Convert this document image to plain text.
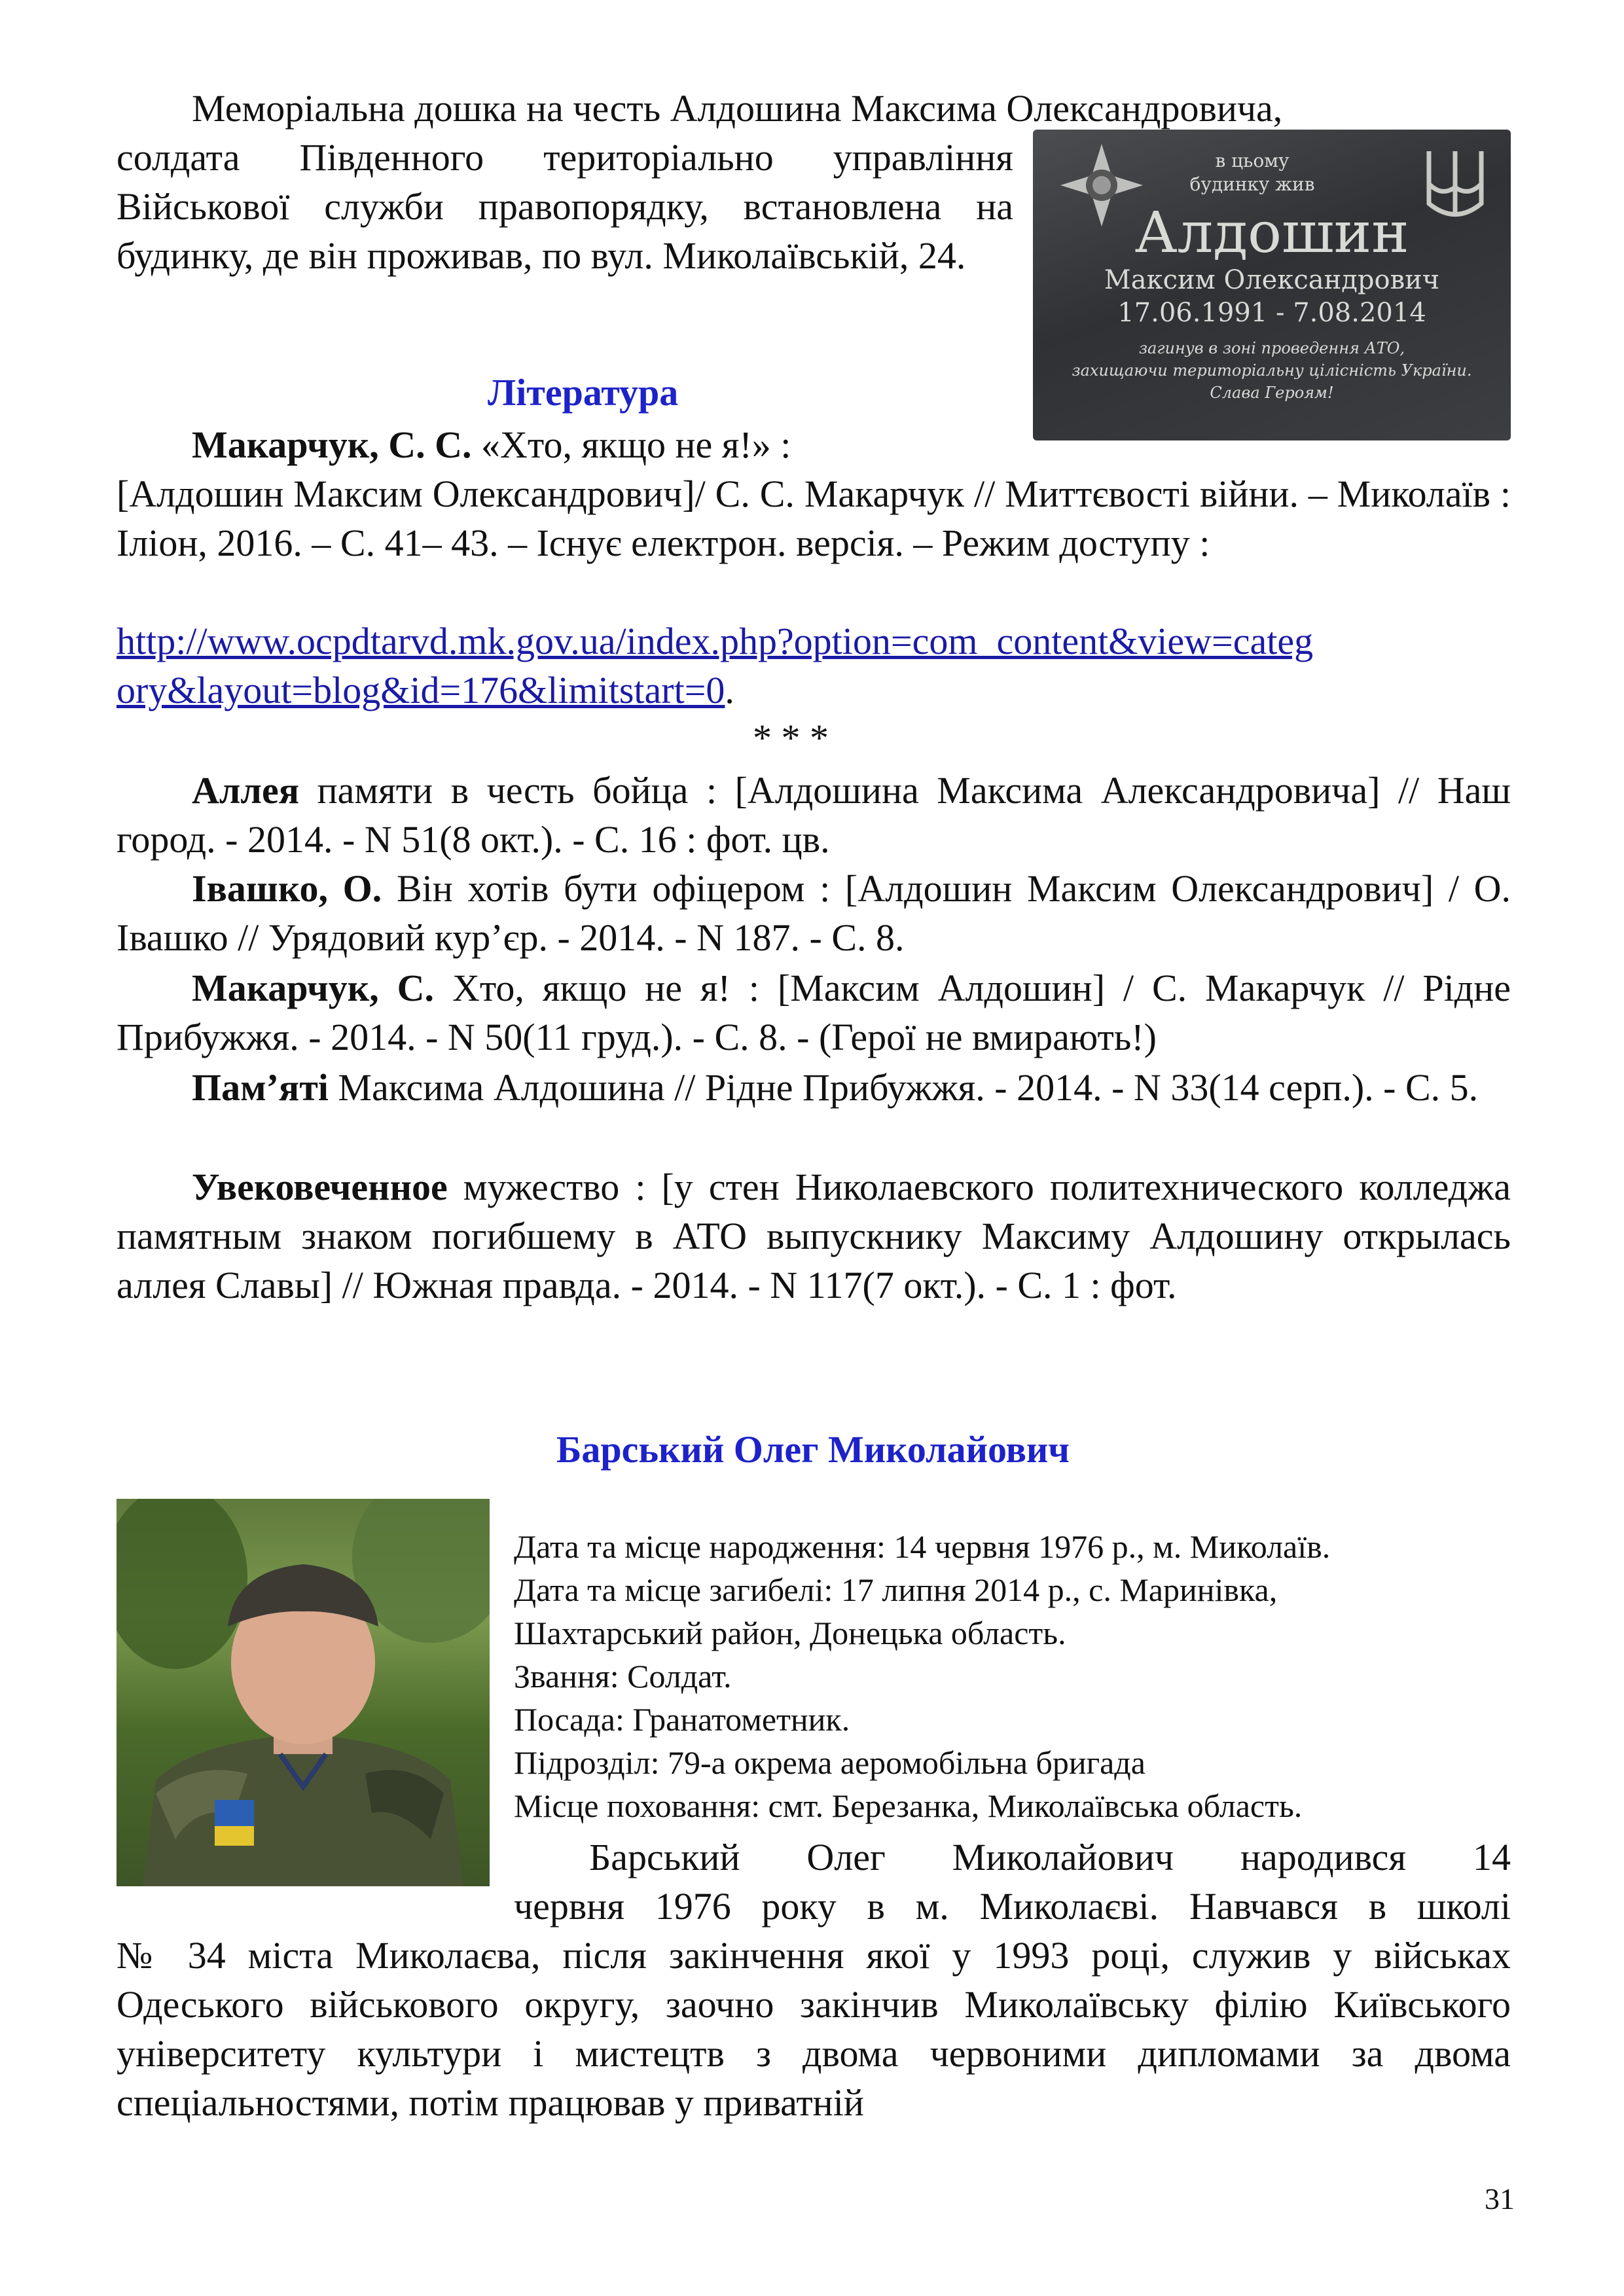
Меморіальна дошка на честь Алдошина Максима Олександровича,

солдата Південного територіально управління Військової служби правопорядку, встановлена на будинку, де він проживав, по вул. Миколаївській, 24.

в цьому
будинку жив
Алдошин
Максим Олександрович
17.06.1991 - 7.08.2014
загинув в зоні проведення АТО,
захищаючи територіальну цілісність України.
Слава Героям!

Література

Макарчук, С. С. «Хто, якщо не я!» :

[Алдошин Максим Олександрович]/ С. С. Макарчук // Миттєвості війни. – Миколаїв : Іліон, 2016. – С. 41– 43. – Існує електрон. версія. – Режим доступу :

http://www.ocpdtarvd.mk.gov.ua/index.php?option=com_content&view=categ
ory&layout=blog&id=176&limitstart=0.

* * *

Аллея памяти в честь бойца : [Алдошина Максима Александровича] // Наш город. - 2014. - N 51(8 окт.). - С. 16 : фот. цв.

Івашко, О. Він хотів бути офіцером : [Алдошин Максим Олександрович] / О. Івашко // Урядовий кур’єр. - 2014. - N 187. - С. 8.

Макарчук, С. Хто, якщо не я! : [Максим Алдошин] / С. Макарчук // Рідне Прибужжя. - 2014. - N 50(11 груд.). - С. 8. - (Герої не вмирають!)

Пам’яті Максима Алдошина // Рідне Прибужжя. - 2014. - N 33(14 серп.). - С. 5.

Увековеченное мужество : [у стен Николаевского политехнического колледжа памятным знаком погибшему в АТО выпускнику Максиму Алдошину открылась аллея Славы] // Южная правда. - 2014. - N 117(7 окт.). - С. 1 : фот.

Барський Олег Миколайович

Дата та місце народження: 14 червня 1976 р., м. Миколаїв.

Дата та місце загибелі: 17 липня 2014 р., с. Маринівка,

Шахтарський район, Донецька область.

Звання: Солдат.

Посада: Гранатометник.

Підрозділ: 79-а окрема аеромобільна бригада

Місце поховання: смт. Березанка, Миколаївська область.

Барський Олег Миколайович народився 14

червня 1976 року в м. Миколаєві. Навчався в школі

№ 34 міста Миколаєва, після закінчення якої у 1993 році, служив у військах Одеського військового округу, заочно закінчив Миколаївську філію Київського університету культури і мистецтв з двома червоними дипломами за двома спеціальностями, потім працював у приватній

31
